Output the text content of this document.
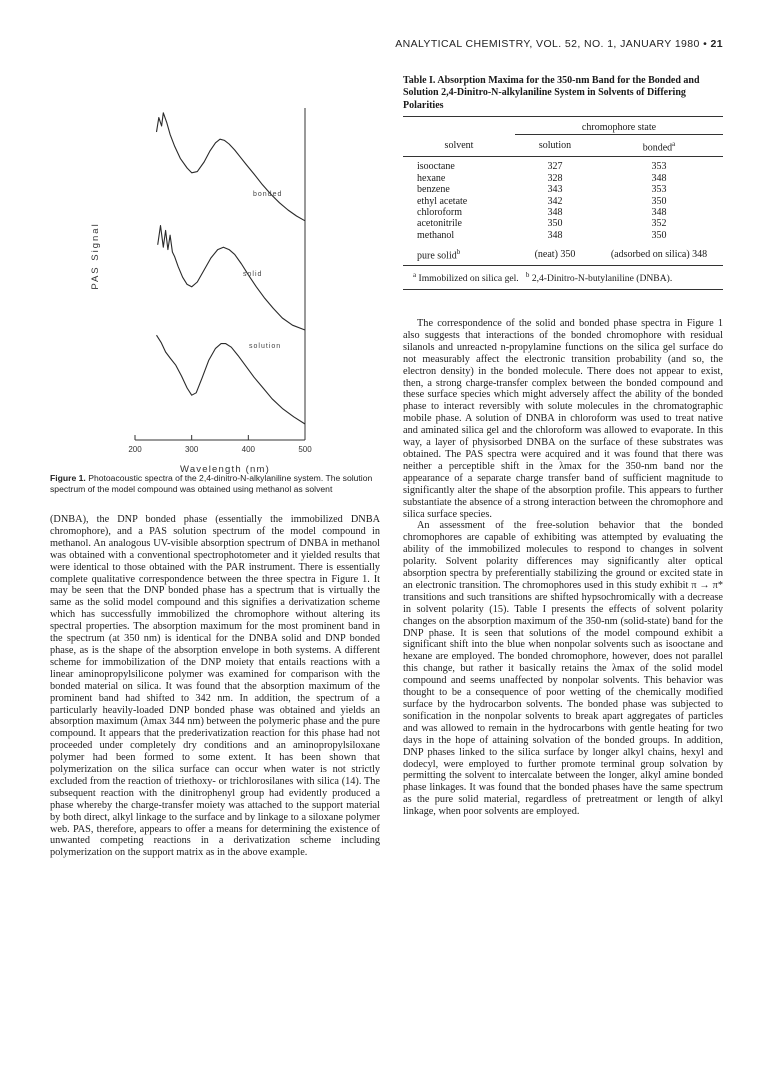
ANALYTICAL CHEMISTRY, VOL. 52, NO. 1, JANUARY 1980 • 21
200	300	400	500
Wavelength (nm)
PAS Signal
bonded
solid
solution
Figure 1. Photoacoustic spectra of the 2,4-dinitro-N-alkylaniline system. The solution spectrum of the model compound was obtained using methanol as solvent

Table I. Absorption Maxima for the 350-nm Band for the Bonded and Solution 2,4-Dinitro-N-alkylaniline System in Solvents of Differing Polarities

	chromophore state	
solvent	solution	bonded$^a$

isooctane	327	353
hexane	328	348
benzene	343	353
ethyl acetate	342	350
chloroform	348	348
acetonitrile	350	352
methanol	348	350
pure solid$^b$	(neat) 350	(adsorbed on silica) 348
$^a$ Immobilized on silica gel. $^b$ 2,4-Dinitro-N-butylaniline (DNBA).

(DNBA), the DNP bonded phase (essentially the immobilized DNBA chromophore), and a PAS solution spectrum of the model compound in methanol. An analogous UV-visible absorption spectrum of DNBA in methanol was obtained with a conventional spectrophotometer and it yielded results that were identical to those obtained with the PAR instrument. There is essentially complete qualitative correspondence between the three spectra in Figure 1. It may be seen that the DNP bonded phase has a spectrum that is virtually the same as the solid model compound and this signifies a derivatization scheme which has successfully immobilized the chromophore without altering its spectral properties. The absorption maximum for the most prominent band in the spectrum (at 350 nm) is identical for the DNBA solid and DNP bonded phase, as is the shape of the absorption envelope in both systems. A different scheme for immobilization of the DNP moiety that entails reactions with a linear aminopropylsilicone polymer was examined for comparison with the bonded material on silica. It was found that the absorption maximum of the prominent band had shifted to 342 nm. In addition, the spectrum of a particularly heavily-loaded DNP bonded phase was obtained and yields an absorption maximum (λmax 344 nm) between the polymeric phase and the pure compound. It appears that the prederivatization reaction for this phase had not proceeded under completely dry conditions and an aminopropylsiloxane polymer had been formed to some extent. It has been shown that polymerization on the silica surface can occur when water is not strictly excluded from the reaction of triethoxy- or trichlorosilanes with silica (14). The subsequent reaction with the dinitrophenyl group had evidently produced a phase whereby the charge-transfer moiety was attached to the support material by both direct, alkyl linkage to the surface and by linkage to a siloxane polymer web. PAS, therefore, appears to offer a means for determining the existence of unwanted competing reactions in a derivatization scheme including polymerization on the support matrix as in the above example.

The correspondence of the solid and bonded phase spectra in Figure 1 also suggests that interactions of the bonded chromophore with residual silanols and unreacted n-propylamine functions on the silica gel surface do not measurably affect the electronic transition probability (and so, the electron density) in the bonded molecule. There does not appear to exist, then, a strong charge-transfer complex between the bonded compound and these surface species which might adversely affect the ability of the bonded phase to interact reversibly with solute molecules in the chromatographic mobile phase. A solution of DNBA in chloroform was used to treat native and aminated silica gel and the chloroform was allowed to evaporate. In this way, a layer of physisorbed DNBA on the surface of these substrates was obtained. The PAS spectra were acquired and it was found that there was neither a perceptible shift in the λmax for the 350-nm band nor the appearance of a separate charge transfer band of sufficient magnitude to significantly alter the shape of the absorption profile. This appears to further substantiate the absence of a strong interaction between the chromophore and silica surface species.

An assessment of the free-solution behavior that the bonded chromophores are capable of exhibiting was attempted by evaluating the ability of the immobilized molecules to respond to changes in solvent polarity. Solvent polarity differences may significantly alter optical absorption spectra by preferentially stabilizing the ground or excited state in an electronic transition. The chromophores used in this study exhibit π → π* transitions and such transitions are shifted hypsochromically with a decrease in solvent polarity (15). Table I presents the effects of solvent polarity changes on the absorption maximum of the 350-nm (solid-state) band for the DNP phase. It is seen that solutions of the model compound exhibit a significant shift into the blue when nonpolar solvents such as isooctane and hexane are employed. The bonded chromophore, however, does not parallel this change, but rather it basically retains the λmax of the solid model compound and seems unaffected by nonpolar solvents. This behavior was thought to be a consequence of poor wetting of the chemically modified surface by the hydrocarbon solvents. The bonded phase was subjected to sonification in the nonpolar solvents to break apart aggregates of particles and was allowed to remain in the hydrocarbons with gentle heating for two days in the hope of attaining solvation of the bonded groups. In addition, DNP phases linked to the silica surface by longer alkyl chains, hexyl and dodecyl, were employed to further promote terminal group solvation by permitting the solvent to intercalate between the longer, alkyl amine bonded phase linkages. It was found that the bonded phases have the same spectrum as the pure solid material, regardless of pretreatment or length of alkyl linkage, when poor solvents are employed.
